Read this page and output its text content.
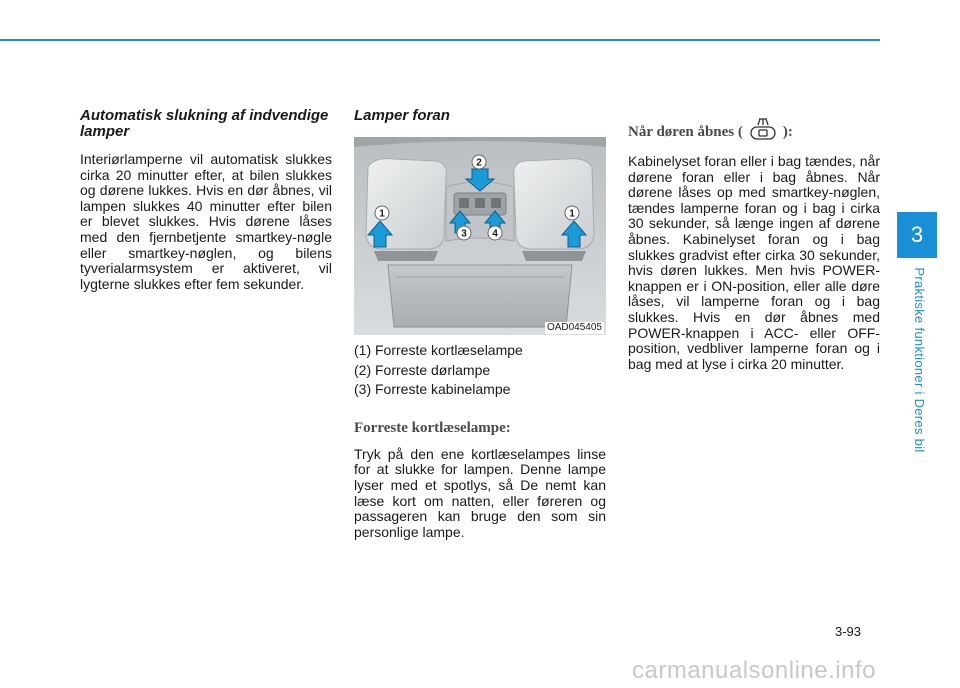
3
Praktiske funktioner i Deres bil

Automatisk slukning af indvendige lamper

Interiørlamperne vil automatisk slukkes cirka 20 minutter efter, at bilen slukkes og dørene lukkes. Hvis en dør åbnes, vil lampen slukkes 40 minutter efter bilen er blevet slukkes. Hvis dørene låses med den fjernbetjente smartkey-nøgle eller smartkey-nøglen, og bilens tyverialarmsystem er aktiveret, vil lygterne slukkes efter fem sekunder.

Lamper foran

2
1	1
3	4
OAD045405

(1) Forreste kortlæselampe

(2) Forreste dørlampe

(3) Forreste kabinelampe

Forreste kortlæselampe:

Tryk på den ene kortlæselampes linse for at slukke for lampen. Denne lampe lyser med et spotlys, så De nemt kan læse kort om natten, eller føreren og passageren kan bruge den som sin personlige lampe.

Når døren åbnes (	):

Kabinelyset foran eller i bag tændes, når dørene foran eller i bag åbnes. Når dørene låses op med smartkey-nøglen, tændes lamperne foran og i bag i cirka 30 sekunder, så længe ingen af dørene åbnes. Kabinelyset foran og i bag slukkes gradvist efter cirka 30 sekunder, hvis døren lukkes. Men hvis POWER-knappen er i ON-position, eller alle døre låses, vil lamperne foran og i bag slukkes. Hvis en dør åbnes med POWER-knappen i ACC- eller OFF-position, vedbliver lamperne foran og i bag med at lyse i cirka 20 minutter.

3-93
carmanualsonline.info
